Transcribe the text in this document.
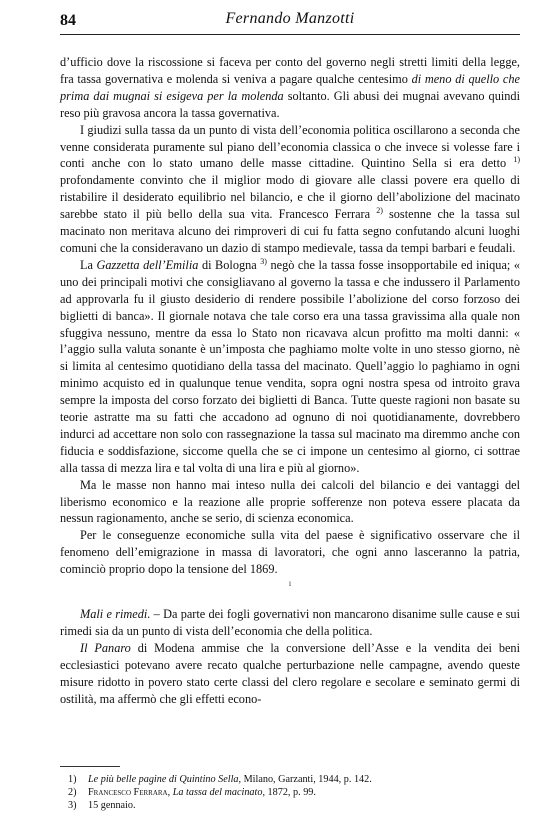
84	Fernando Manzotti

d’ufficio dove la riscossione si faceva per conto del governo negli stretti limiti della legge, fra tassa governativa e molenda si veniva a pagare qualche centesimo di meno di quello che prima dai mugnai si esigeva per la molenda soltanto. Gli abusi dei mugnai avevano quindi reso più gravosa ancora la tassa governativa.

I giudizi sulla tassa da un punto di vista dell’economia politica oscillarono a seconda che venne considerata puramente sul piano dell’economia classica o che invece si volesse fare i conti anche con lo stato umano delle masse cittadine. Quintino Sella si era detto $^{1)}$ profondamente convinto che il miglior modo di giovare alle classi povere era quello di ristabilire il desiderato equilibrio nel bilancio, e che il giorno dell’abolizione del macinato sarebbe stato il più bello della sua vita. Francesco Ferrara $^{2)}$ sostenne che la tassa sul macinato non meritava alcuno dei rimproveri di cui fu fatta segno confutando alcuni luoghi comuni che la consideravano un dazio di stampo medievale, tassa da tempi barbari e feudali.

La Gazzetta dell’Emilia di Bologna $^{3)}$ negò che la tassa fosse insopportabile ed iniqua; « uno dei principali motivi che consigliavano al governo la tassa e che indussero il Parlamento ad approvarla fu il giusto desiderio di rendere possibile l’abolizione del corso forzoso dei biglietti di banca». Il giornale notava che tale corso era una tassa gravissima alla quale non sfuggiva nessuno, mentre da essa lo Stato non ricavava alcun profitto ma molti danni: « l’aggio sulla valuta sonante è un’imposta che paghiamo molte volte in uno stesso giorno, nè si limita al centesimo quotidiano della tassa del macinato. Quell’aggio lo paghiamo in ogni minimo acquisto ed in qualunque tenue vendita, sopra ogni nostra spesa od introito grava sempre la imposta del corso forzato dei biglietti di Banca. Tutte queste ragioni non basate su teorie astratte ma su fatti che accadono ad ognuno di noi quotidianamente, dovrebbero indurci ad accettare non solo con rassegnazione la tassa sul macinato ma diremmo anche con fiducia e soddisfazione, siccome quella che se ci impone un centesimo al giorno, ci sottrae alla tassa di mezza lira e tal volta di una lira e più al giorno».

Ma le masse non hanno mai inteso nulla dei calcoli del bilancio e dei vantaggi del liberismo economico e la reazione alle proprie sofferenze non poteva essere placata da nessun ragionamento, anche se serio, di scienza economica.

Per le conseguenze economiche sulla vita del paese è significativo osservare che il fenomeno dell’emigrazione in massa di lavoratori, che ogni anno lasceranno la patria, cominciò proprio dopo la tensione del 1869.

ı

Mali e rimedi. – Da parte dei fogli governativi non mancarono disanime sulle cause e sui rimedi sia da un punto di vista dell’economia che della politica.

Il Panaro di Modena ammise che la conversione dell’Asse e la vendita dei beni ecclesiastici potevano avere recato qualche perturbazione nelle campagne, avendo queste misure ridotto in povero stato certe classi del clero regolare e secolare e seminato germi di ostilità, ma affermò che gli effetti econo-

1)	Le più belle pagine di Quintino Sella, Milano, Garzanti, 1944, p. 142.
2)	Francesco Ferrara, La tassa del macinato, 1872, p. 99.
3)	15 gennaio.
